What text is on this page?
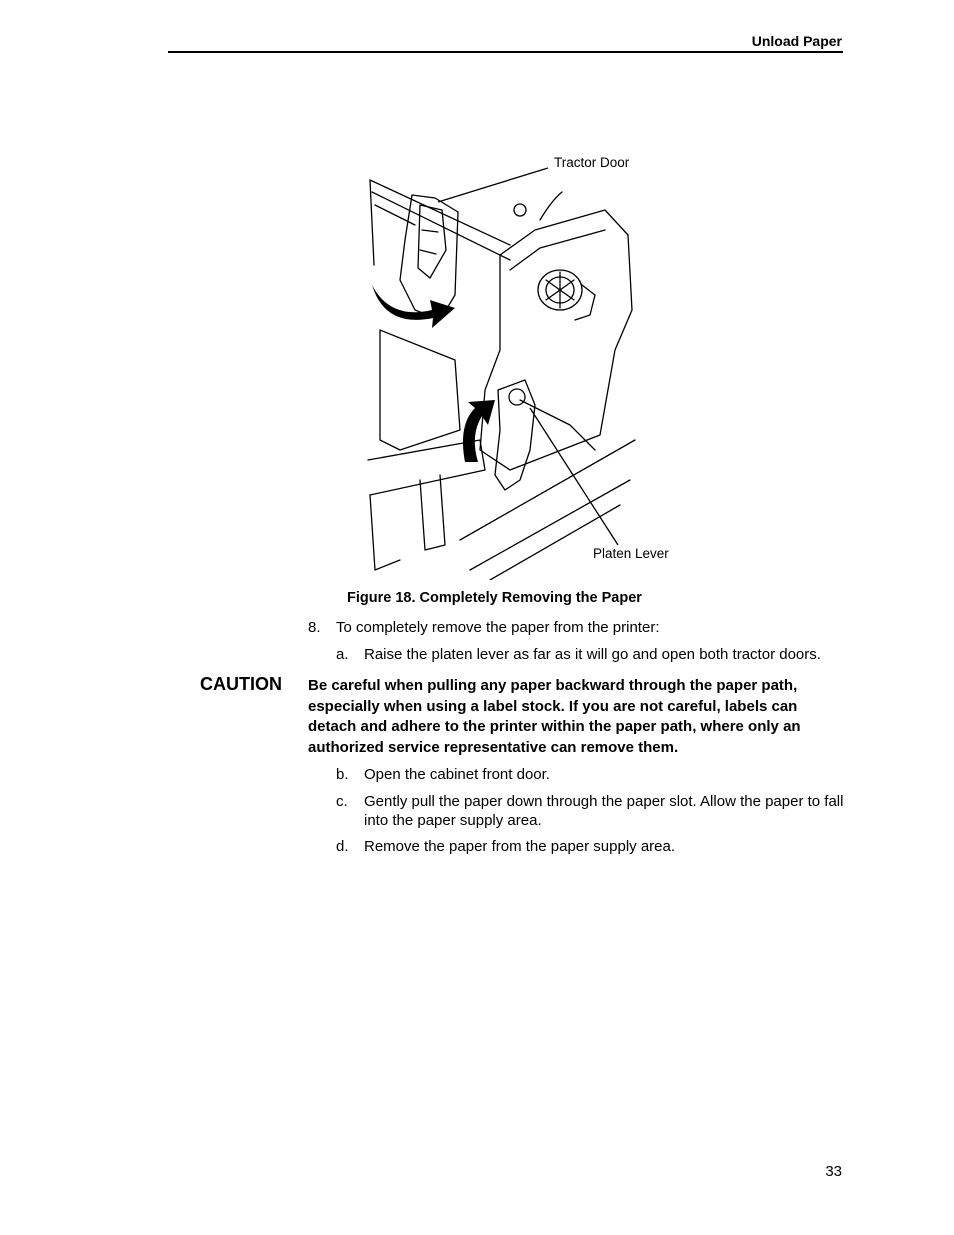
Unload Paper
Tractor Door
Platen Lever
Figure 18. Completely Removing the Paper
8. To completely remove the paper from the printer:
a. Raise the platen lever as far as it will go and open both tractor doors.
CAUTION Be careful when pulling any paper backward through the paper path, especially when using a label stock. If you are not careful, labels can detach and adhere to the printer within the paper path, where only an authorized service representative can remove them.
b. Open the cabinet front door.
c. Gently pull the paper down through the paper slot. Allow the paper to fall into the paper supply area.
d. Remove the paper from the paper supply area.
33
